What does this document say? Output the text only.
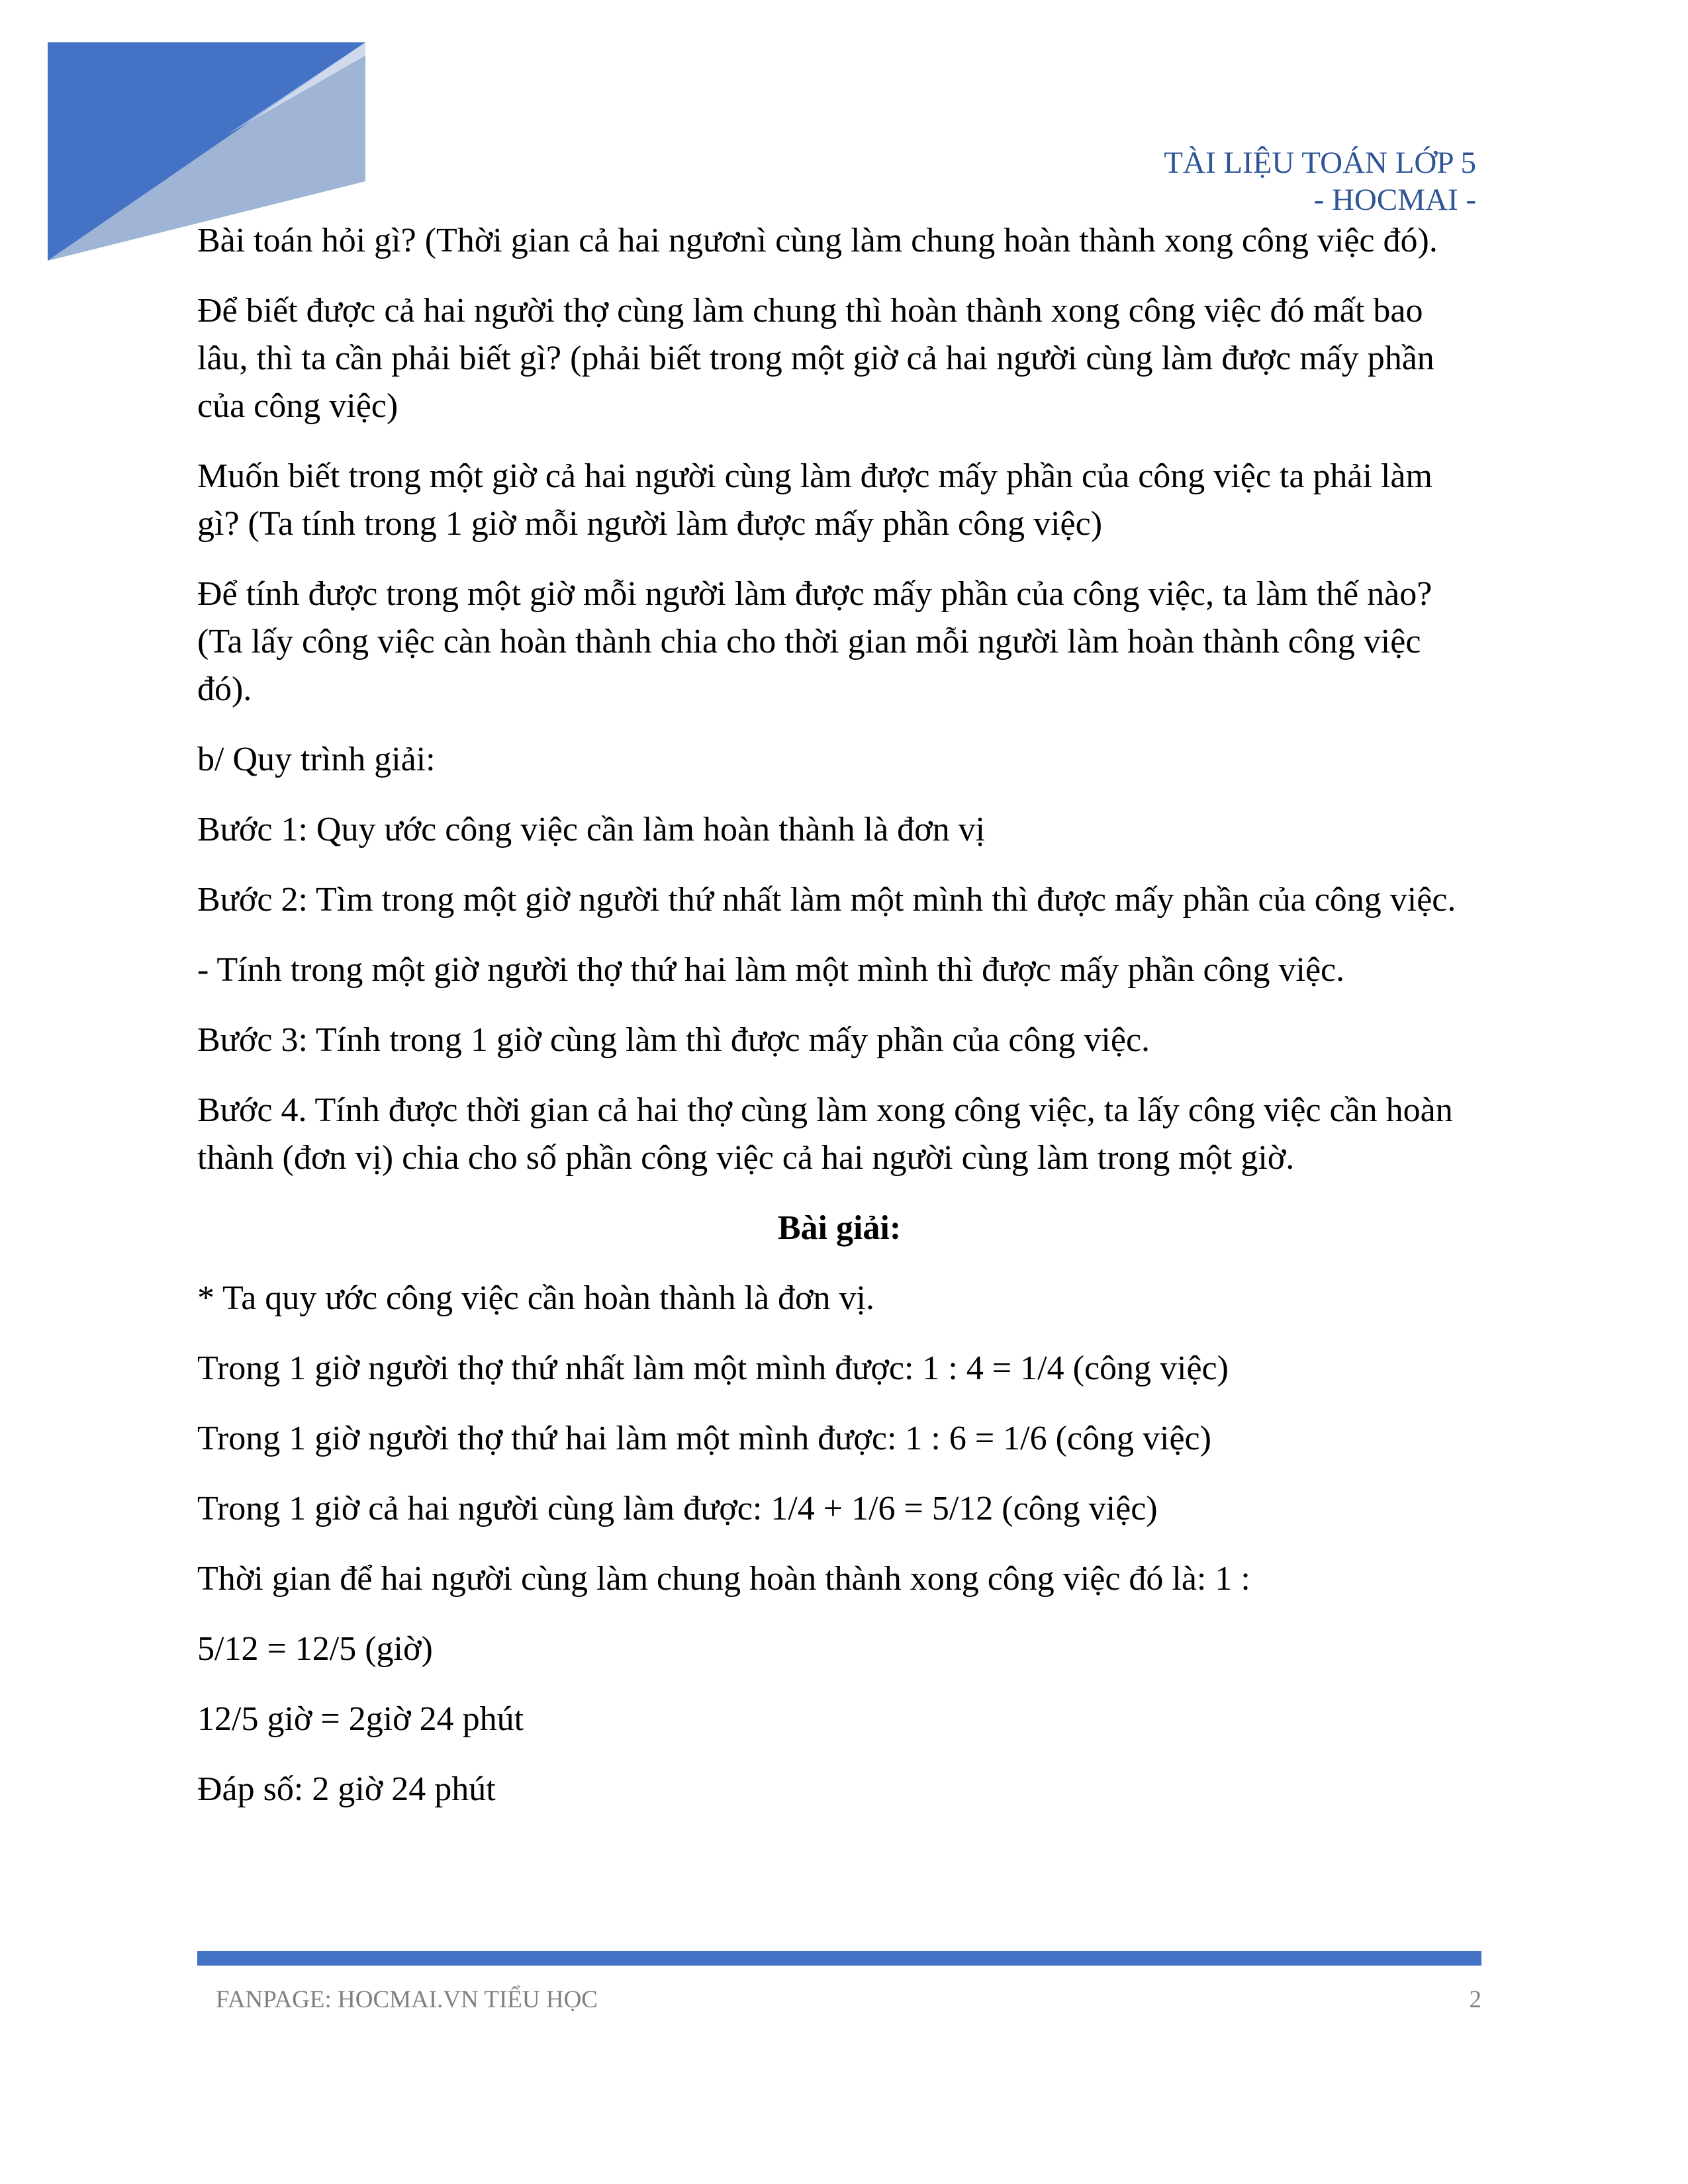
TÀI LIỆU TOÁN LỚP 5
- HOCMAI -

Bài toán hỏi gì? (Thời gian cả hai ngươnì cùng làm chung hoàn thành xong công việc đó).

Để biết được cả hai người thợ cùng làm chung thì hoàn thành xong công việc đó mất bao lâu, thì ta cần phải biết gì? (phải biết trong một giờ cả hai người cùng làm được mấy phần của công việc)

Muốn biết trong một giờ cả hai người cùng làm được mấy phần của công việc ta phải làm gì? (Ta tính trong 1 giờ mỗi người làm được mấy phần công việc)

Để tính được trong một giờ mỗi người làm được mấy phần của công việc, ta làm thế nào? (Ta lấy công việc càn hoàn thành chia cho thời gian mỗi người làm hoàn thành công việc đó).

b/ Quy trình giải:

Bước 1: Quy ước công việc cần làm hoàn thành là đơn vị

Bước 2: Tìm trong một giờ người thứ nhất làm một mình thì được mấy phần của công việc.

- Tính trong một giờ người thợ thứ hai làm một mình thì được mấy phần công việc.

Bước 3: Tính trong 1 giờ cùng làm thì được mấy phần của công việc.

Bước 4. Tính được thời gian cả hai thợ cùng làm xong công việc, ta lấy công việc cần hoàn thành (đơn vị) chia cho số phần công việc cả hai người cùng làm trong một giờ.

Bài giải:

* Ta quy ước công việc cần hoàn thành là đơn vị.

Trong 1 giờ người thợ thứ nhất làm một mình được: 1 : 4 = 1/4 (công việc)

Trong 1 giờ người thợ thứ hai làm một mình được: 1 : 6 = 1/6 (công việc)

Trong 1 giờ cả hai người cùng làm được: 1/4 + 1/6 = 5/12 (công việc)

Thời gian để hai người cùng làm chung hoàn thành xong công việc đó là: 1 :

5/12 = 12/5 (giờ)

12/5 giờ = 2giờ 24 phút

Đáp số: 2 giờ 24 phút

FANPAGE: HOCMAI.VN TIỂU HỌC	2
